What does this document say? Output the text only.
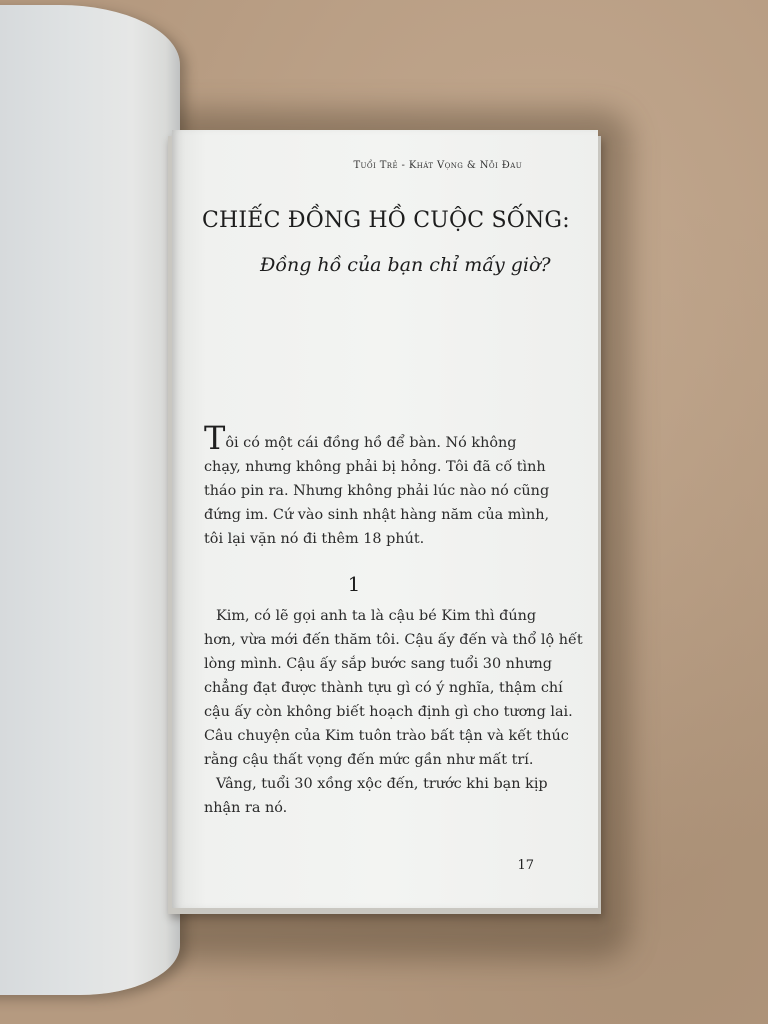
Tuổi Trẻ - Khát Vọng & Nỗi Đau
CHIẾC ĐỒNG HỒ CUỘC SỐNG:
Đồng hồ của bạn chỉ mấy giờ?
Tôi có một cái đồng hồ để bàn. Nó không
chạy, nhưng không phải bị hỏng. Tôi đã cố tình
tháo pin ra. Nhưng không phải lúc nào nó cũng
đứng im. Cứ vào sinh nhật hàng năm của mình,
tôi lại vặn nó đi thêm 18 phút.
1
Kim, có lẽ gọi anh ta là cậu bé Kim thì đúng
hơn, vừa mới đến thăm tôi. Cậu ấy đến và thổ lộ hết
lòng mình. Cậu ấy sắp bước sang tuổi 30 nhưng
chẳng đạt được thành tựu gì có ý nghĩa, thậm chí
cậu ấy còn không biết hoạch định gì cho tương lai.
Câu chuyện của Kim tuôn trào bất tận và kết thúc
rằng cậu thất vọng đến mức gần như mất trí.
Vâng, tuổi 30 xồng xộc đến, trước khi bạn kịp
nhận ra nó.
17
